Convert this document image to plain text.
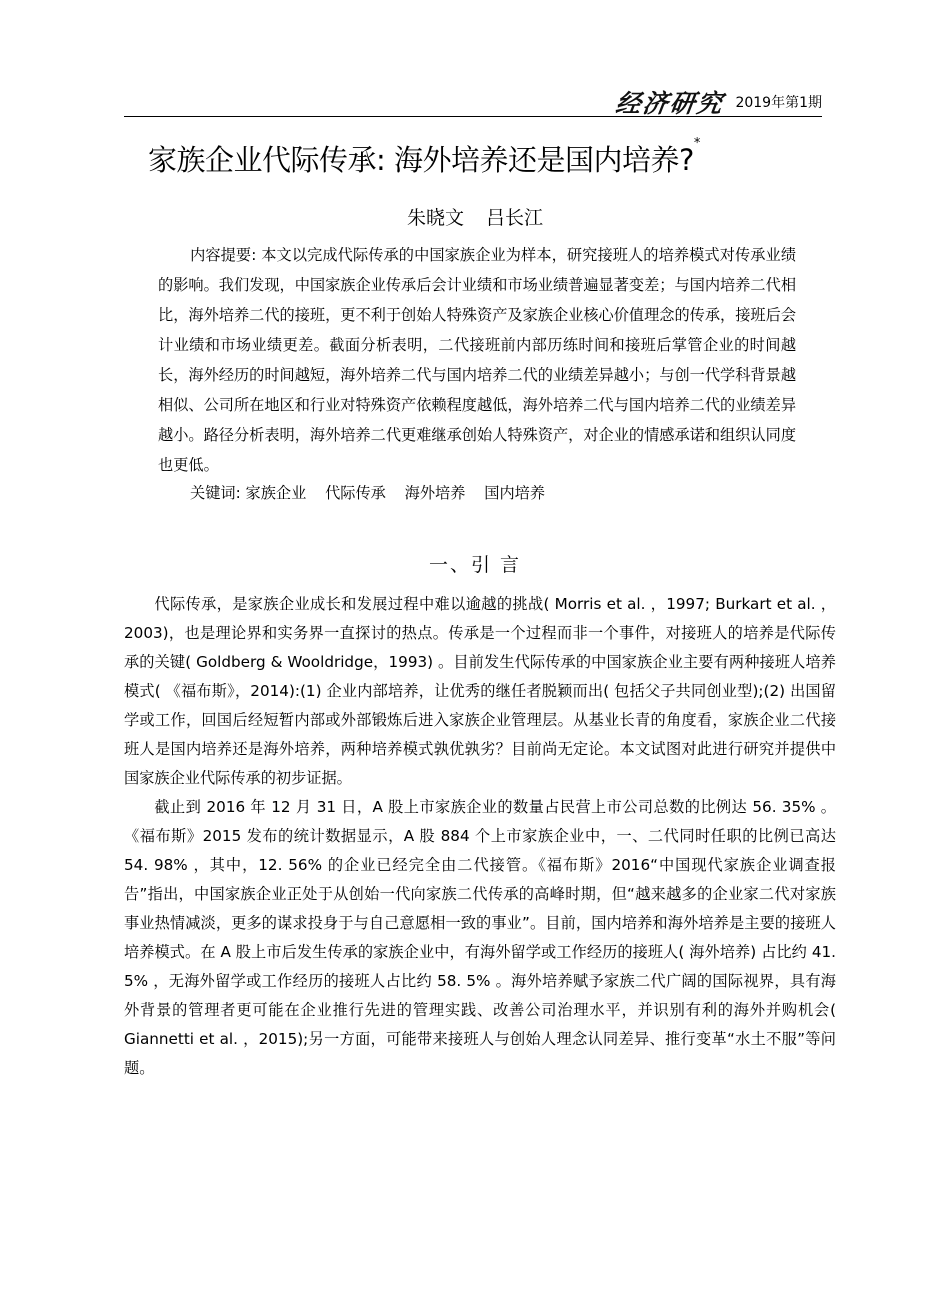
经济研究 2019年第1期
家族企业代际传承: 海外培养还是国内培养?*
朱晓文 吕长江
内容提要: 本文以完成代际传承的中国家族企业为样本，研究接班人的培养模式对传承业绩的影响。我们发现，中国家族企业传承后会计业绩和市场业绩普遍显著变差；与国内培养二代相比，海外培养二代的接班，更不利于创始人特殊资产及家族企业核心价值理念的传承，接班后会计业绩和市场业绩更差。截面分析表明，二代接班前内部历练时间和接班后掌管企业的时间越长，海外经历的时间越短，海外培养二代与国内培养二代的业绩差异越小；与创一代学科背景越相似、公司所在地区和行业对特殊资产依赖程度越低，海外培养二代与国内培养二代的业绩差异越小。路径分析表明，海外培养二代更难继承创始人特殊资产，对企业的情感承诺和组织认同度也更低。
关键词: 家族企业 代际传承 海外培养 国内培养
一、引 言

代际传承，是家族企业成长和发展过程中难以逾越的挑战( Morris et al. ，1997; Burkart et al. ，2003)，也是理论界和实务界一直探讨的热点。传承是一个过程而非一个事件，对接班人的培养是代际传承的关键( Goldberg & Wooldridge，1993) 。目前发生代际传承的中国家族企业主要有两种接班人培养模式( 《福布斯》，2014):(1) 企业内部培养，让优秀的继任者脱颖而出( 包括父子共同创业型);(2) 出国留学或工作，回国后经短暂内部或外部锻炼后进入家族企业管理层。从基业长青的角度看，家族企业二代接班人是国内培养还是海外培养，两种培养模式孰优孰劣？目前尚无定论。本文试图对此进行研究并提供中国家族企业代际传承的初步证据。

截止到 2016 年 12 月 31 日，A 股上市家族企业的数量占民营上市公司总数的比例达 56. 35% 。《福布斯》2015 发布的统计数据显示，A 股 884 个上市家族企业中，一、二代同时任职的比例已高达 54. 98% ，其中，12. 56% 的企业已经完全由二代接管。《福布斯》2016“中国现代家族企业调查报告”指出，中国家族企业正处于从创始一代向家族二代传承的高峰时期，但“越来越多的企业家二代对家族事业热情减淡，更多的谋求投身于与自己意愿相一致的事业”。目前，国内培养和海外培养是主要的接班人培养模式。在 A 股上市后发生传承的家族企业中，有海外留学或工作经历的接班人( 海外培养) 占比约 41. 5% ，无海外留学或工作经历的接班人占比约 58. 5% 。海外培养赋予家族二代广阔的国际视界，具有海外背景的管理者更可能在企业推行先进的管理实践、改善公司治理水平，并识别有利的海外并购机会( Giannetti et al. ，2015);另一方面，可能带来接班人与创始人理念认同差异、推行变革“水土不服”等问题。
